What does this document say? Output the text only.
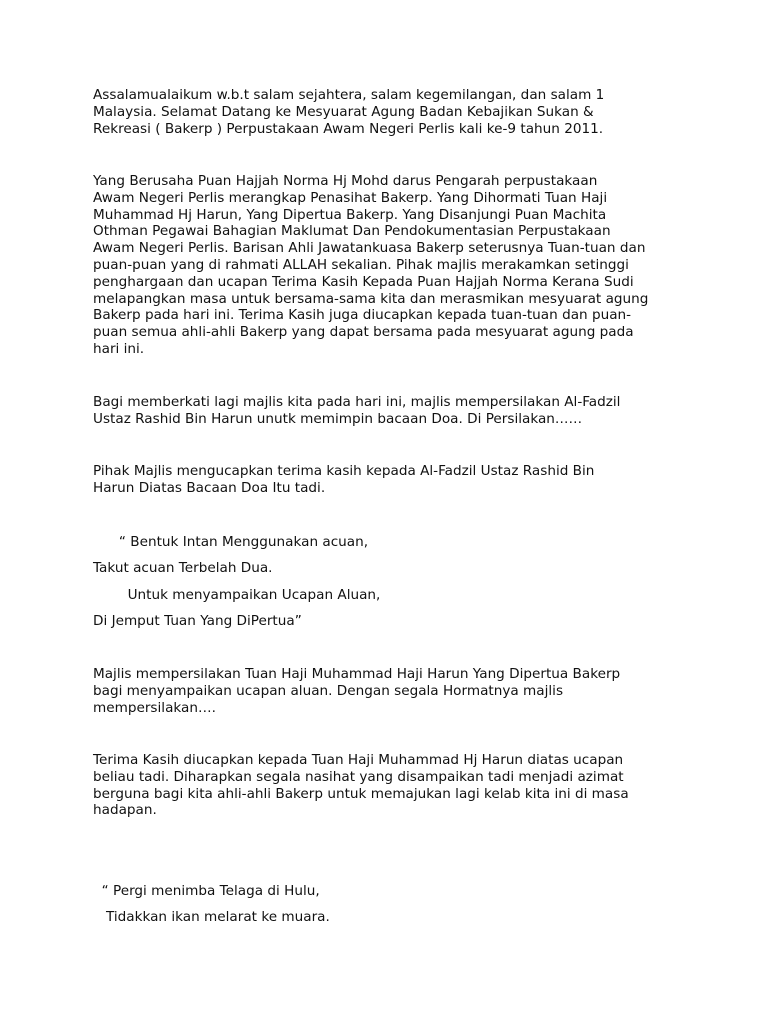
Assalamualaikum w.b.t salam sejahtera, salam kegemilangan, dan salam 1
Malaysia. Selamat Datang ke Mesyuarat Agung Badan Kebajikan Sukan &
Rekreasi ( Bakerp ) Perpustakaan Awam Negeri Perlis kali ke-9 tahun 2011.

Yang Berusaha Puan Hajjah Norma Hj Mohd darus Pengarah perpustakaan
Awam Negeri Perlis merangkap Penasihat Bakerp. Yang Dihormati Tuan Haji
Muhammad Hj Harun, Yang Dipertua Bakerp. Yang Disanjungi Puan Machita
Othman Pegawai Bahagian Maklumat Dan Pendokumentasian Perpustakaan
Awam Negeri Perlis. Barisan Ahli Jawatankuasa Bakerp seterusnya Tuan-tuan dan
puan-puan yang di rahmati ALLAH sekalian. Pihak majlis merakamkan setinggi
penghargaan dan ucapan Terima Kasih Kepada Puan Hajjah Norma Kerana Sudi
melapangkan masa untuk bersama-sama kita dan merasmikan mesyuarat agung
Bakerp pada hari ini. Terima Kasih juga diucapkan kepada tuan-tuan dan puan-
puan semua ahli-ahli Bakerp yang dapat bersama pada mesyuarat agung pada
hari ini.

Bagi memberkati lagi majlis kita pada hari ini, majlis mempersilakan Al-Fadzil
Ustaz Rashid Bin Harun unutk memimpin bacaan Doa. Di Persilakan……

Pihak Majlis mengucapkan terima kasih kepada Al-Fadzil Ustaz Rashid Bin
Harun Diatas Bacaan Doa Itu tadi.

“ Bentuk Intan Menggunakan acuan,

Takut acuan Terbelah Dua.

Untuk menyampaikan Ucapan Aluan,

Di Jemput Tuan Yang DiPertua”

Majlis mempersilakan Tuan Haji Muhammad Haji Harun Yang Dipertua Bakerp
bagi menyampaikan ucapan aluan. Dengan segala Hormatnya majlis
mempersilakan….

Terima Kasih diucapkan kepada Tuan Haji Muhammad Hj Harun diatas ucapan
beliau tadi. Diharapkan segala nasihat yang disampaikan tadi menjadi azimat
berguna bagi kita ahli-ahli Bakerp untuk memajukan lagi kelab kita ini di masa
hadapan.

“ Pergi menimba Telaga di Hulu,

Tidakkan ikan melarat ke muara.
